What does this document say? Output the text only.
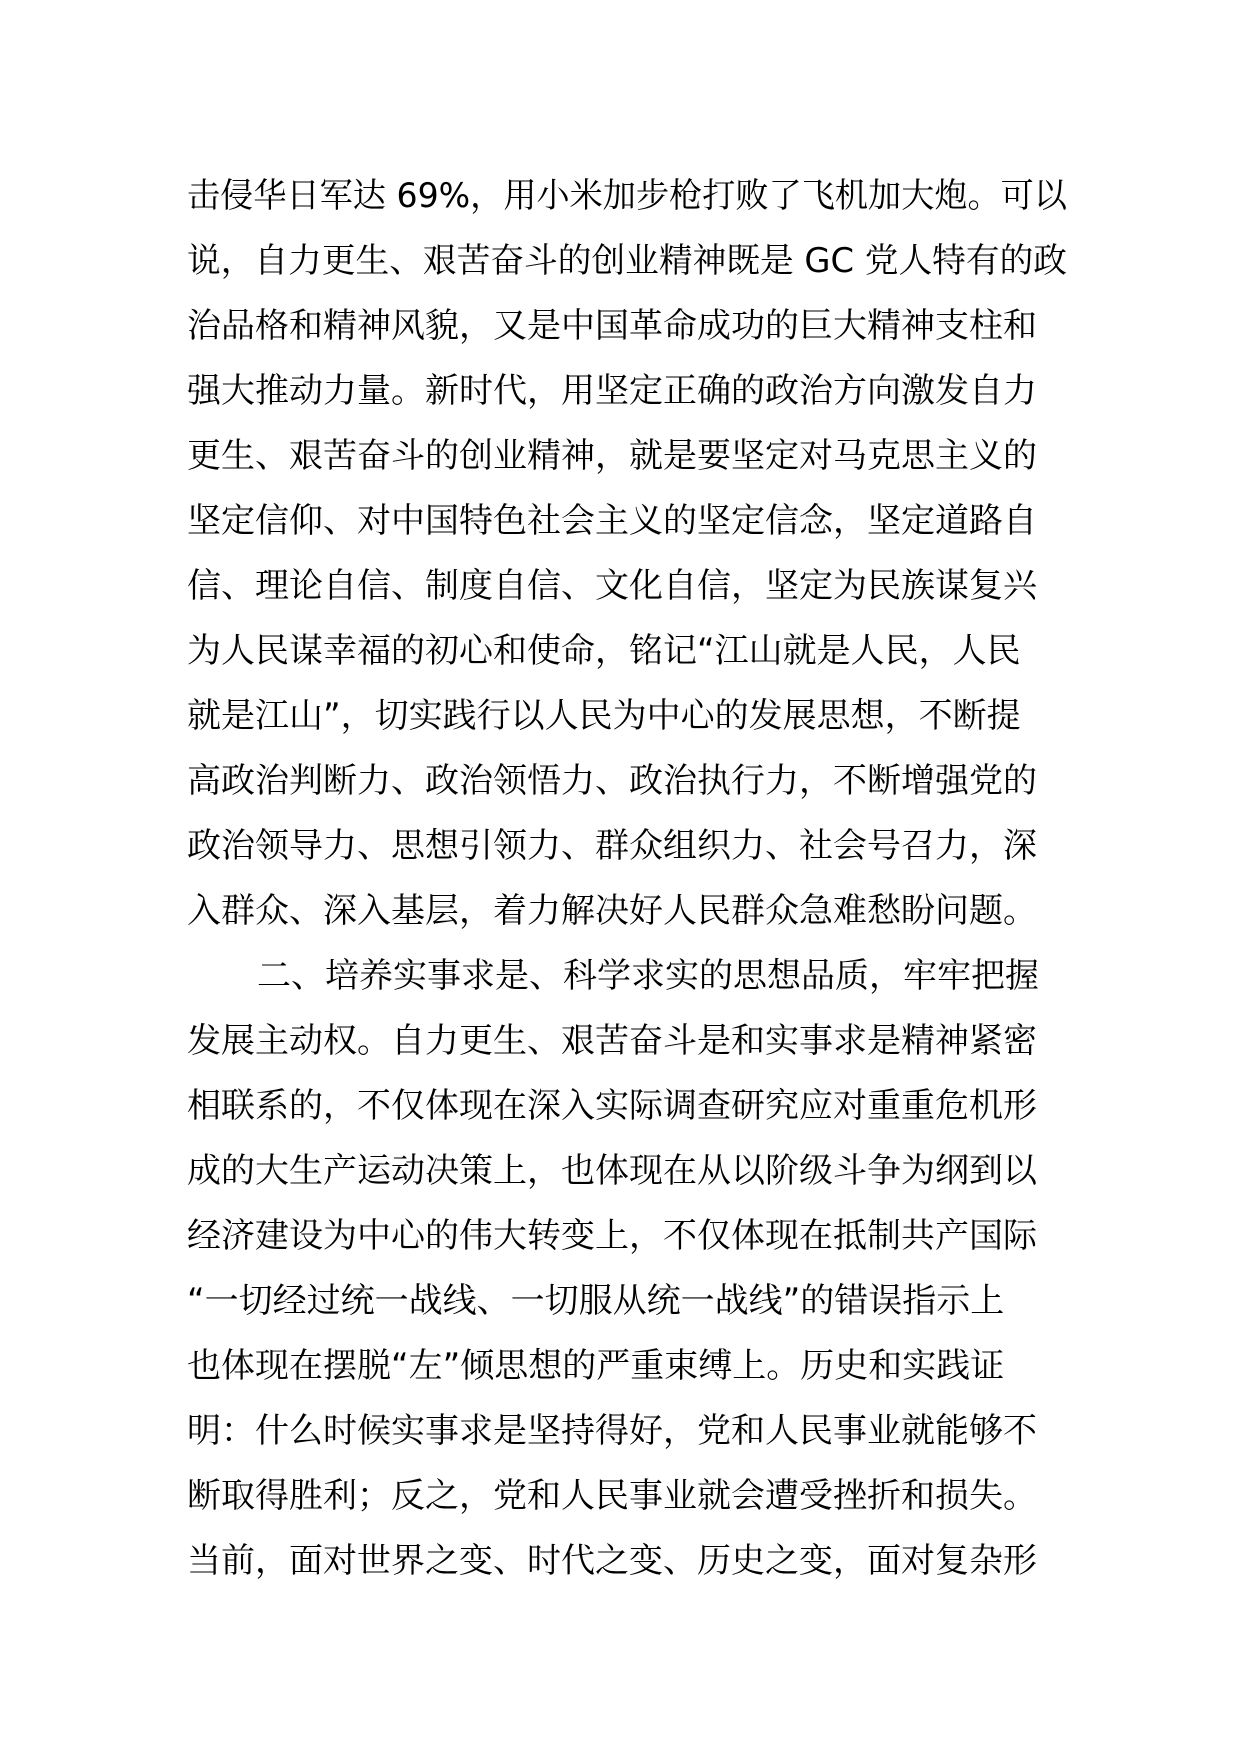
击侵华日军达 69%，用小米加步枪打败了飞机加大炮。可以
说，自力更生、艰苦奋斗的创业精神既是 GC 党人特有的政
治品格和精神风貌，又是中国革命成功的巨大精神支柱和
强大推动力量。新时代，用坚定正确的政治方向激发自力
更生、艰苦奋斗的创业精神，就是要坚定对马克思主义的
坚定信仰、对中国特色社会主义的坚定信念，坚定道路自
信、理论自信、制度自信、文化自信，坚定为民族谋复兴
为人民谋幸福的初心和使命，铭记“江山就是人民，人民
就是江山”，切实践行以人民为中心的发展思想，不断提
高政治判断力、政治领悟力、政治执行力，不断增强党的
政治领导力、思想引领力、群众组织力、社会号召力，深
入群众、深入基层，着力解决好人民群众急难愁盼问题。
二、培养实事求是、科学求实的思想品质，牢牢把握
发展主动权。自力更生、艰苦奋斗是和实事求是精神紧密
相联系的，不仅体现在深入实际调查研究应对重重危机形
成的大生产运动决策上，也体现在从以阶级斗争为纲到以
经济建设为中心的伟大转变上，不仅体现在抵制共产国际
“一切经过统一战线、一切服从统一战线”的错误指示上
也体现在摆脱“左”倾思想的严重束缚上。历史和实践证
明：什么时候实事求是坚持得好，党和人民事业就能够不
断取得胜利；反之，党和人民事业就会遭受挫折和损失。
当前，面对世界之变、时代之变、历史之变，面对复杂形
